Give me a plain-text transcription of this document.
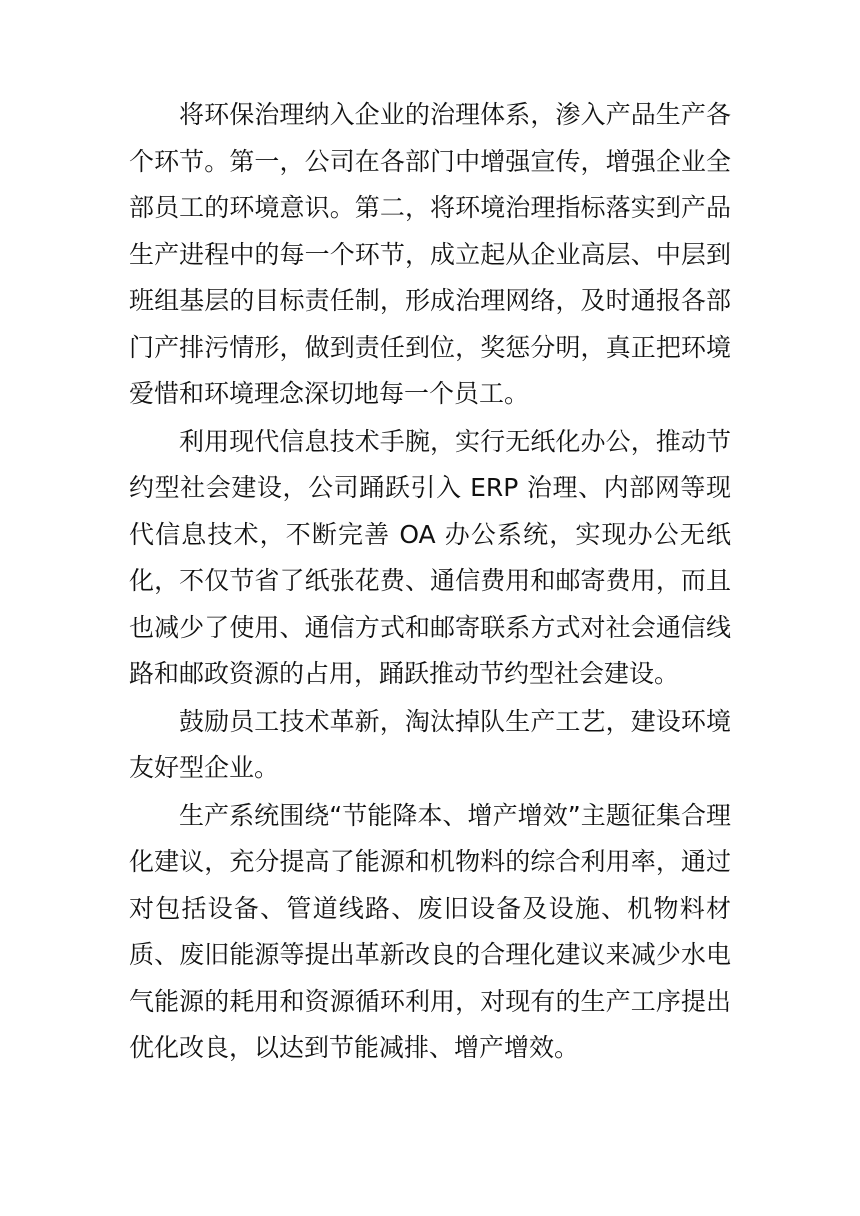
将环保治理纳入企业的治理体系，渗入产品生产各个环节。第一，公司在各部门中增强宣传，增强企业全部员工的环境意识。第二，将环境治理指标落实到产品生产进程中的每一个环节，成立起从企业高层、中层到班组基层的目标责任制，形成治理网络，及时通报各部门产排污情形，做到责任到位，奖惩分明，真正把环境爱惜和环境理念深切地每一个员工。

利用现代信息技术手腕，实行无纸化办公，推动节约型社会建设，公司踊跃引入 ERP 治理、内部网等现代信息技术，不断完善 OA 办公系统，实现办公无纸化，不仅节省了纸张花费、通信费用和邮寄费用，而且也减少了使用、通信方式和邮寄联系方式对社会通信线路和邮政资源的占用，踊跃推动节约型社会建设。

鼓励员工技术革新，淘汰掉队生产工艺，建设环境友好型企业。

生产系统围绕“节能降本、增产增效”主题征集合理化建议，充分提高了能源和机物料的综合利用率，通过对包括设备、管道线路、废旧设备及设施、机物料材质、废旧能源等提出革新改良的合理化建议来减少水电气能源的耗用和资源循环利用，对现有的生产工序提出优化改良，以达到节能减排、增产增效。
